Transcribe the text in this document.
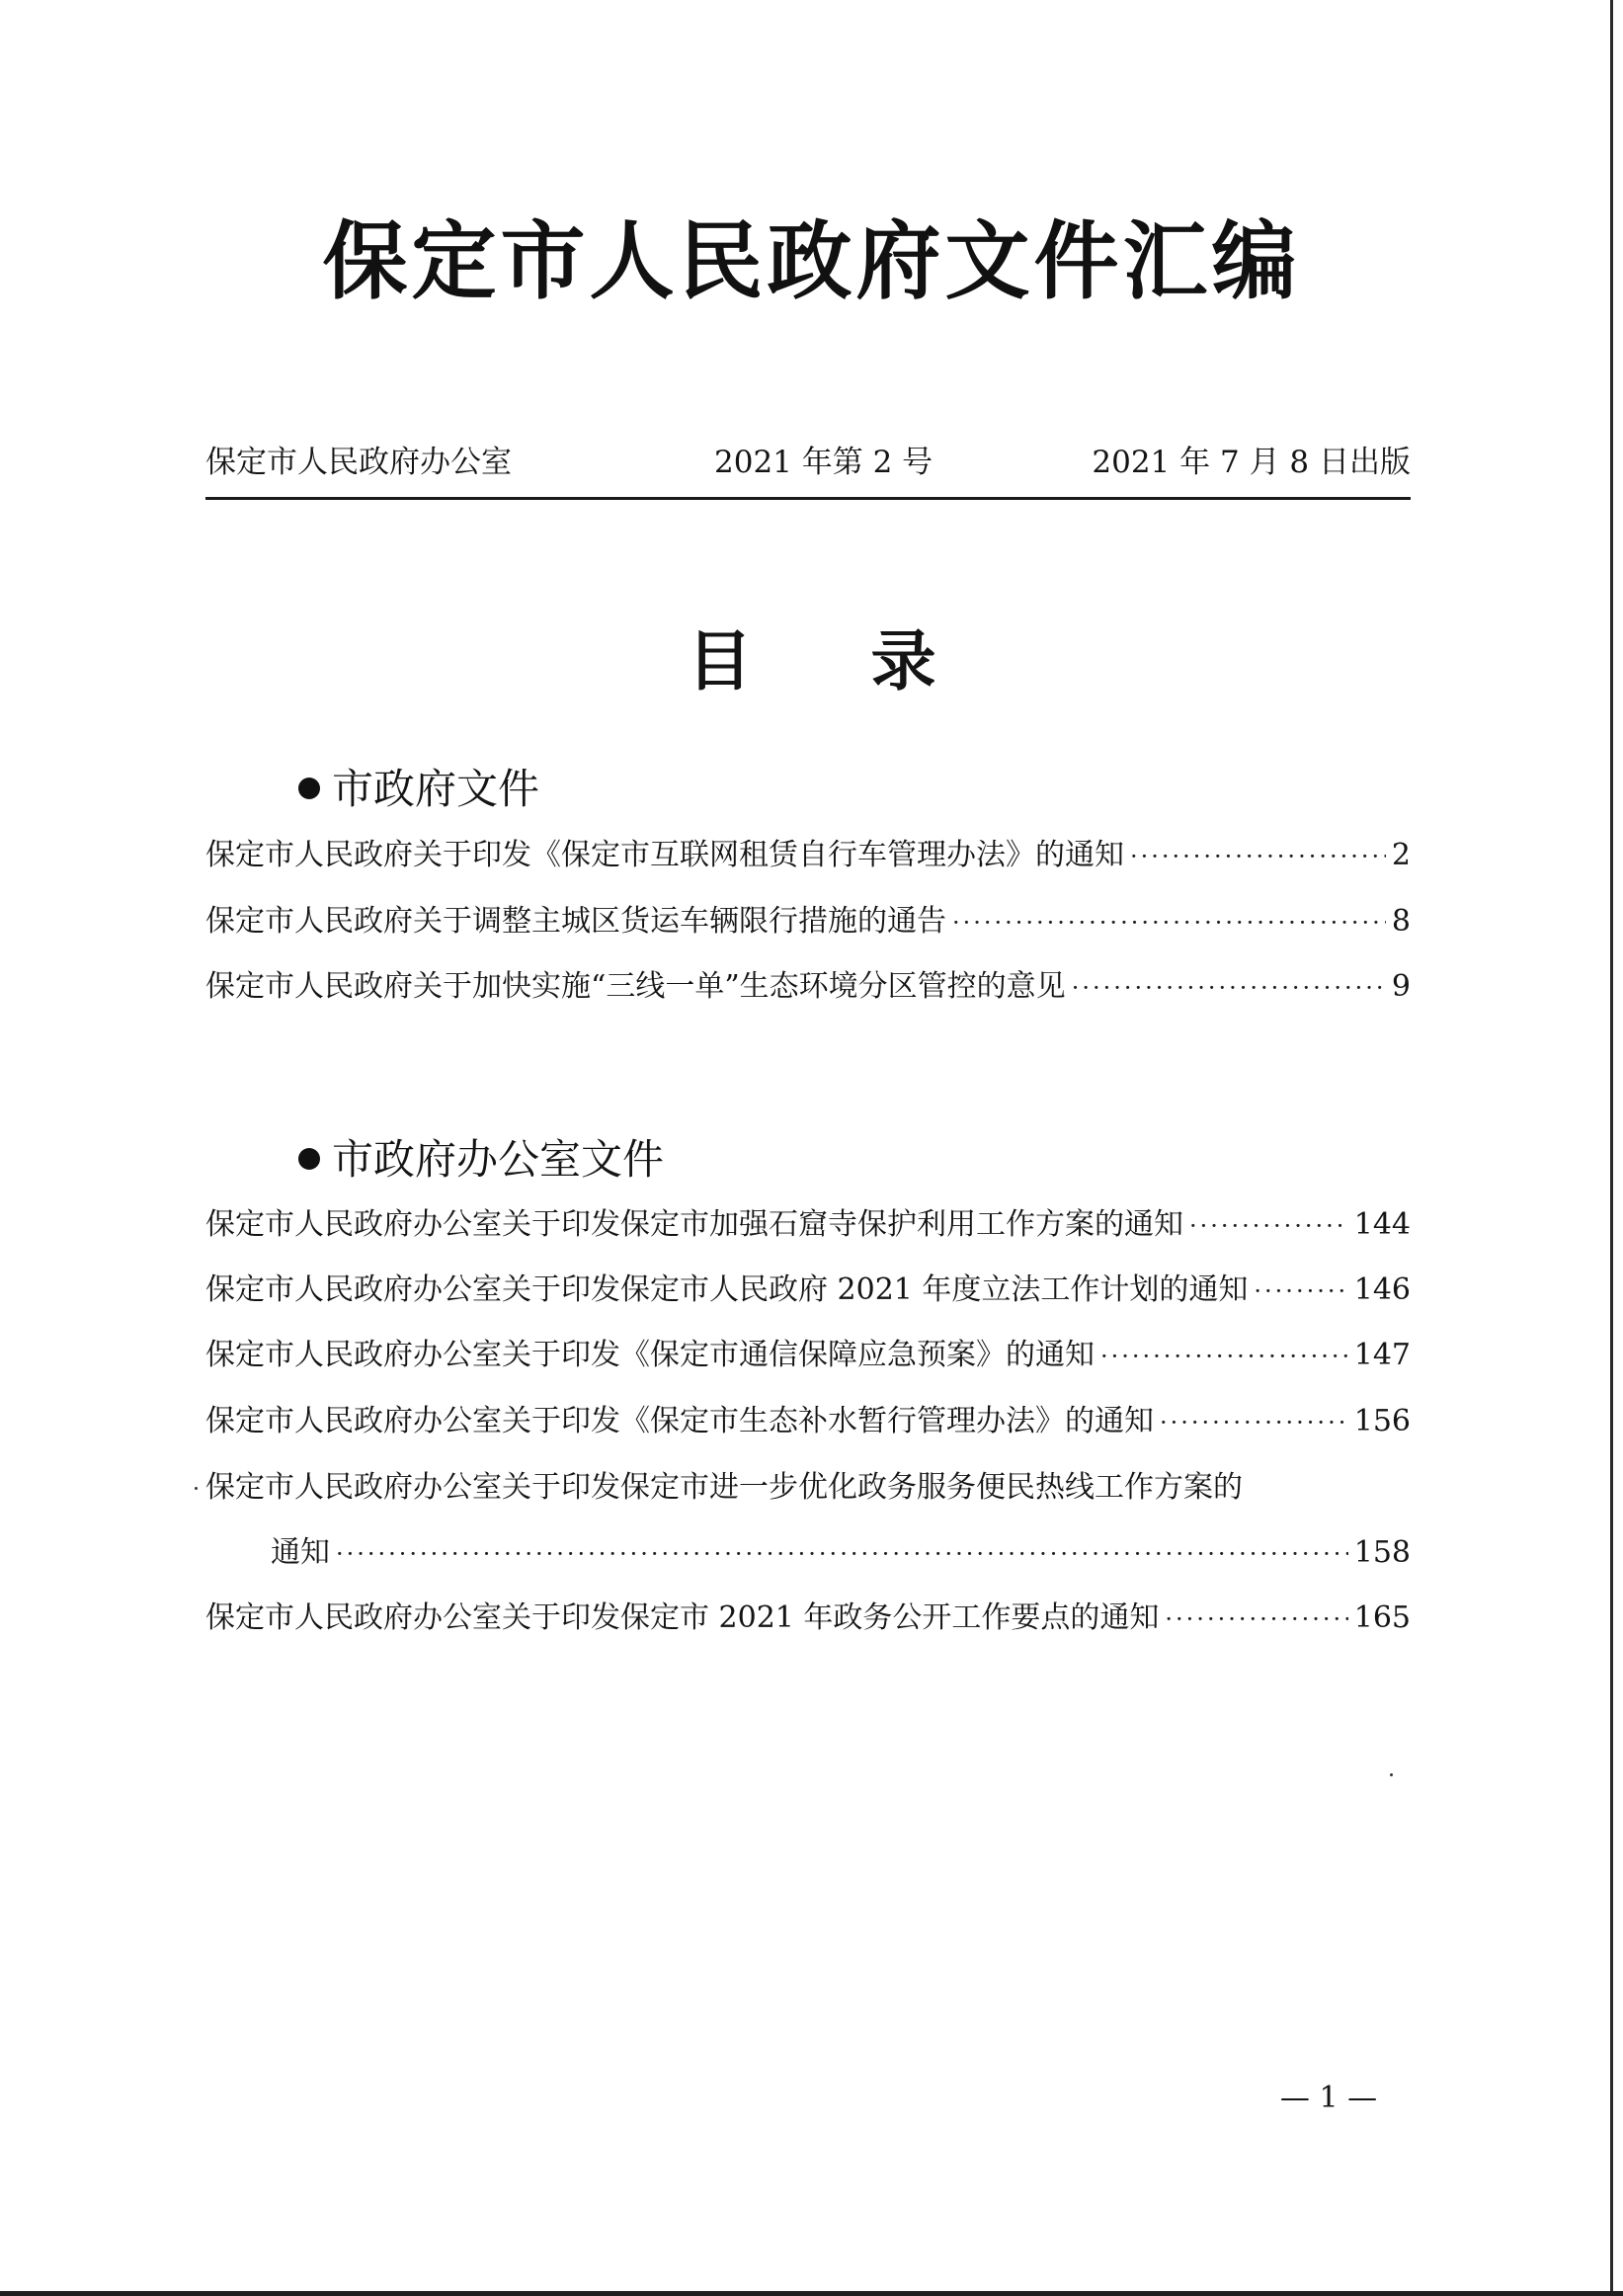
保定市人民政府文件汇编
保定市人民政府办公室	2021 年第 2 号	2021 年 7 月 8 日出版
目 录
市政府文件
保定市人民政府关于印发《保定市互联网租赁自行车管理办法》的通知 ·····	2
保定市人民政府关于调整主城区货运车辆限行措施的通告 ·····	8
保定市人民政府关于加快实施“三线一单”生态环境分区管控的意见 ·····	9
市政府办公室文件
保定市人民政府办公室关于印发保定市加强石窟寺保护利用工作方案的通知 ·····	144
保定市人民政府办公室关于印发保定市人民政府 2021 年度立法工作计划的通知 ·····	146
保定市人民政府办公室关于印发《保定市通信保障应急预案》的通知 ·····	147
保定市人民政府办公室关于印发《保定市生态补水暂行管理办法》的通知 ·····	156
保定市人民政府办公室关于印发保定市进一步优化政务服务便民热线工作方案的
通知 ·····	158
保定市人民政府办公室关于印发保定市 2021 年政务公开工作要点的通知 ·····	165
— 1 —
